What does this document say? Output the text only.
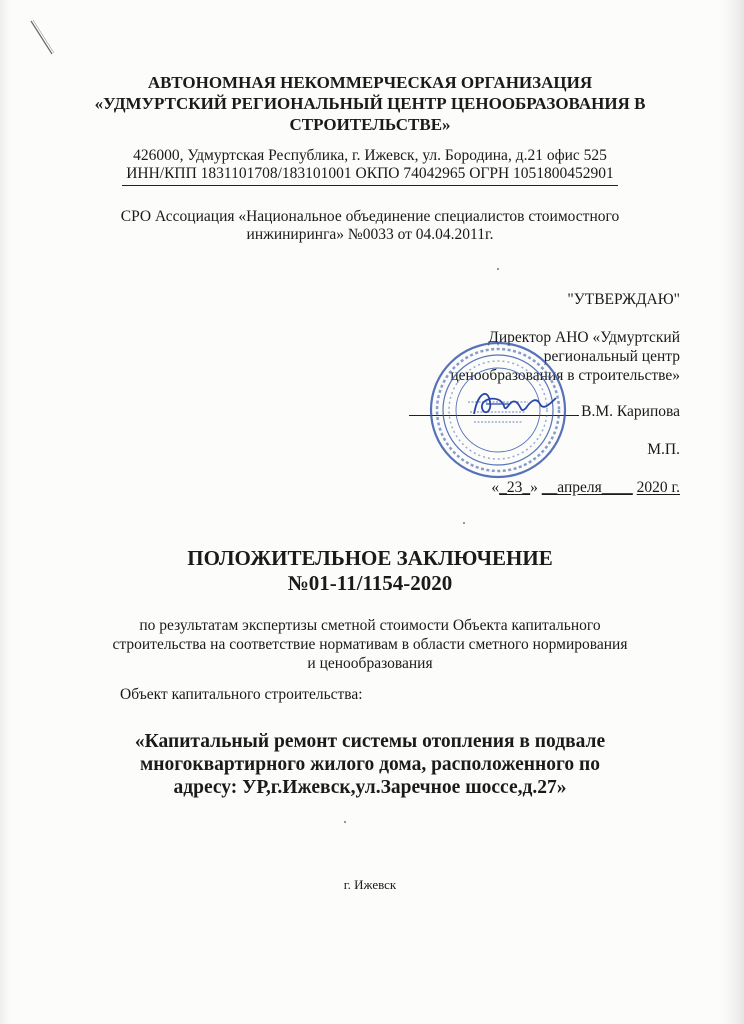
АВТОНОМНАЯ НЕКОММЕРЧЕСКАЯ ОРГАНИЗАЦИЯ
«УДМУРТСКИЙ РЕГИОНАЛЬНЫЙ ЦЕНТР ЦЕНООБРАЗОВАНИЯ В
СТРОИТЕЛЬСТВЕ»
426000, Удмуртская Республика, г. Ижевск, ул. Бородина, д.21 офис 525
ИНН/КПП 1831101708/183101001 ОКПО 74042965 ОГРН 1051800452901
СРО Ассоциация «Национальное объединение специалистов стоимостного
инжиниринга» №0033 от 04.04.2011г.
"УТВЕРЖДАЮ"
Директор АНО «Удмуртский
региональный центр
ценообразования в строительстве»
В.М. Карипова
М.П.
«_23_» __апреля____ 2020 г.
ПОЛОЖИТЕЛЬНОЕ ЗАКЛЮЧЕНИЕ
№01-11/1154-2020
по результатам экспертизы сметной стоимости Объекта капитального
строительства на соответствие нормативам в области сметного нормирования
и ценообразования
Объект капитального строительства:
«Капитальный ремонт системы отопления в подвале
многоквартирного жилого дома, расположенного по
адресу: УР,г.Ижевск,ул.Заречное шоссе,д.27»
г. Ижевск
